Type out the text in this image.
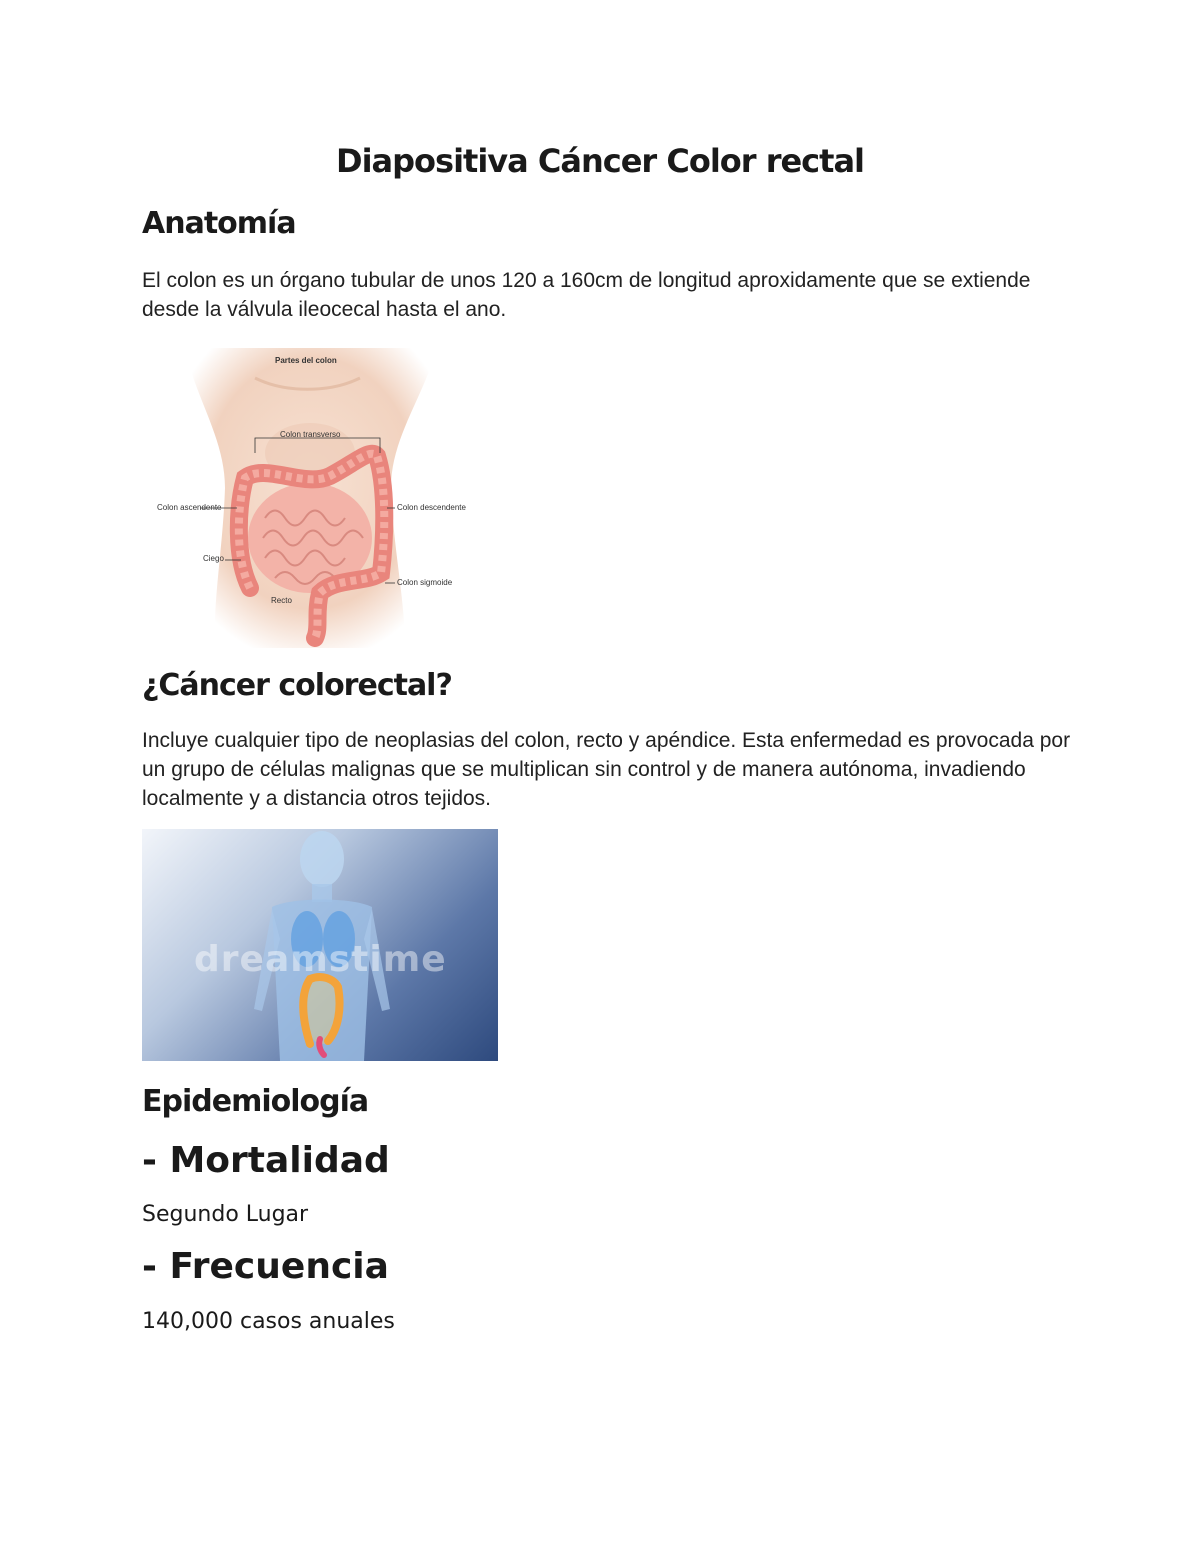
Diapositiva Cáncer Color rectal
Anatomía

El colon es un órgano tubular de unos 120 a 160cm de longitud aproxidamente que se extiende desde la válvula ileocecal hasta el ano.

Partes del colon
Colon transverso
Colon ascendente	Colon descendente
Ciego
Colon sigmoide
Recto
¿Cáncer colorectal?

Incluye cualquier tipo de neoplasias del colon, recto y apéndice. Esta enfermedad es provocada por un grupo de células malignas que se multiplican sin control y de manera autónoma, invadiendo localmente y a distancia otros tejidos.

dreamstime
Epidemiología
- Mortalidad
Segundo Lugar
- Frecuencia
140,000 casos anuales
